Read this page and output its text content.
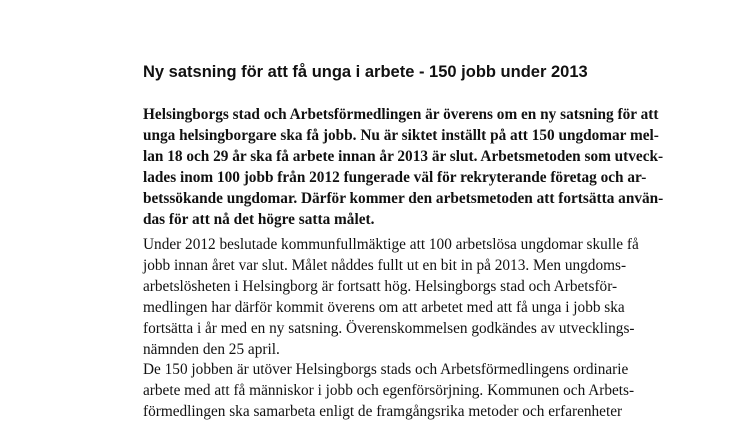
Ny satsning för att få unga i arbete - 150 jobb under 2013

Helsingborgs stad och Arbetsförmedlingen är överens om en ny satsning för att
unga helsingborgare ska få jobb. Nu är siktet inställt på att 150 ungdomar mel-
lan 18 och 29 år ska få arbete innan år 2013 är slut. Arbetsmetoden som utveck-
lades inom 100 jobb från 2012 fungerade väl för rekryterande företag och ar-
betssökande ungdomar. Därför kommer den arbetsmetoden att fortsätta använ-
das för att nå det högre satta målet.

Under 2012 beslutade kommunfullmäktige att 100 arbetslösa ungdomar skulle få
jobb innan året var slut. Målet nåddes fullt ut en bit in på 2013. Men ungdoms-
arbetslösheten i Helsingborg är fortsatt hög. Helsingborgs stad och Arbetsför-
medlingen har därför kommit överens om att arbetet med att få unga i jobb ska
fortsätta i år med en ny satsning. Överenskommelsen godkändes av utvecklings-
nämnden den 25 april.

De 150 jobben är utöver Helsingborgs stads och Arbetsförmedlingens ordinarie
arbete med att få människor i jobb och egenförsörjning. Kommunen och Arbets-
förmedlingen ska samarbeta enligt de framgångsrika metoder och erfarenheter
